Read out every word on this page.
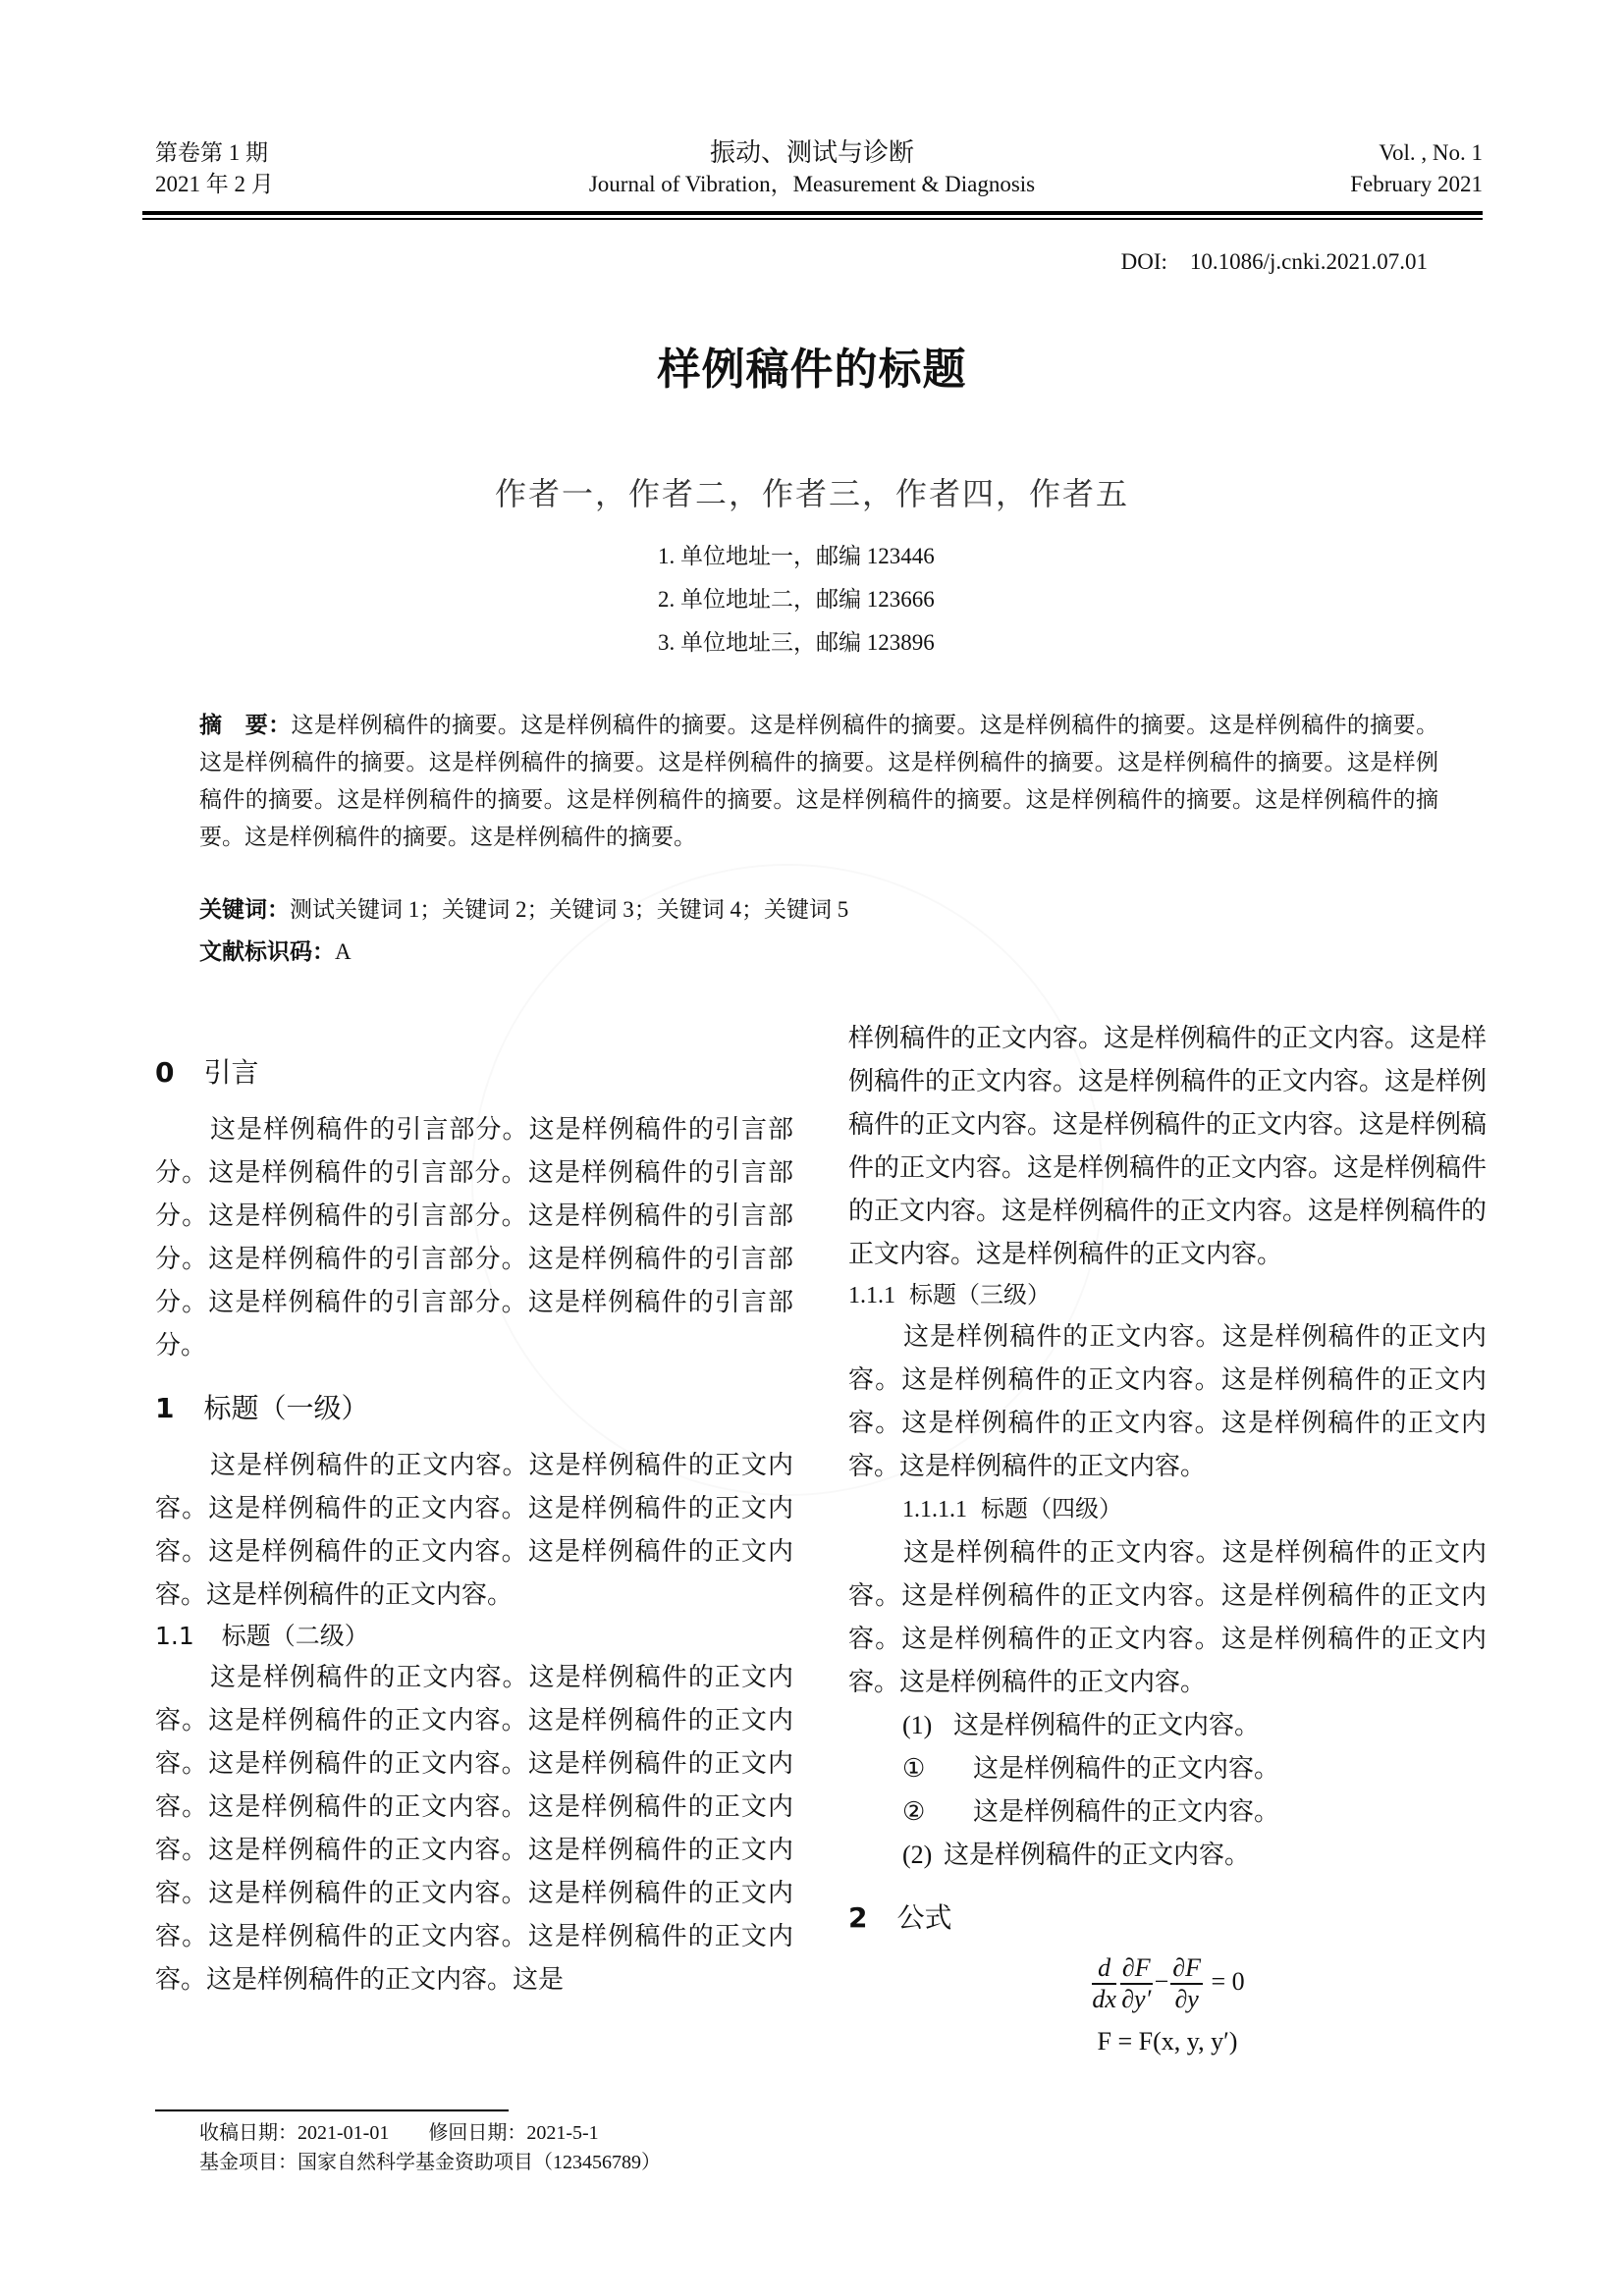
第卷第 1 期
2021 年 2 月
振动、测试与诊断
Journal of Vibration，Measurement & Diagnosis
Vol. , No. 1
February 2021
DOI:　10.1086/j.cnki.2021.07.01
样例稿件的标题
作者一，作者二，作者三，作者四，作者五
1. 单位地址一，邮编 123446
2. 单位地址二，邮编 123666
3. 单位地址三，邮编 123896
摘　要：这是样例稿件的摘要。这是样例稿件的摘要。这是样例稿件的摘要。这是样例稿件的摘要。这是样例稿件的摘要。这是样例稿件的摘要。这是样例稿件的摘要。这是样例稿件的摘要。这是样例稿件的摘要。这是样例稿件的摘要。这是样例稿件的摘要。这是样例稿件的摘要。这是样例稿件的摘要。这是样例稿件的摘要。这是样例稿件的摘要。这是样例稿件的摘要。这是样例稿件的摘要。这是样例稿件的摘要。
关键词：测试关键词 1；关键词 2；关键词 3；关键词 4；关键词 5
文献标识码：A
0 引言

这是样例稿件的引言部分。这是样例稿件的引言部分。这是样例稿件的引言部分。这是样例稿件的引言部分。这是样例稿件的引言部分。这是样例稿件的引言部分。这是样例稿件的引言部分。这是样例稿件的引言部分。这是样例稿件的引言部分。这是样例稿件的引言部分。

1 标题（一级）

这是样例稿件的正文内容。这是样例稿件的正文内容。这是样例稿件的正文内容。这是样例稿件的正文内容。这是样例稿件的正文内容。这是样例稿件的正文内容。这是样例稿件的正文内容。

1.1 标题（二级）

这是样例稿件的正文内容。这是样例稿件的正文内容。这是样例稿件的正文内容。这是样例稿件的正文内容。这是样例稿件的正文内容。这是样例稿件的正文内容。这是样例稿件的正文内容。这是样例稿件的正文内容。这是样例稿件的正文内容。这是样例稿件的正文内容。这是样例稿件的正文内容。这是样例稿件的正文内容。这是样例稿件的正文内容。这是样例稿件的正文内容。这是样例稿件的正文内容。这是

样例稿件的正文内容。这是样例稿件的正文内容。这是样例稿件的正文内容。这是样例稿件的正文内容。这是样例稿件的正文内容。这是样例稿件的正文内容。这是样例稿件的正文内容。这是样例稿件的正文内容。这是样例稿件的正文内容。这是样例稿件的正文内容。这是样例稿件的正文内容。这是样例稿件的正文内容。

1.1.1 标题（三级）

这是样例稿件的正文内容。这是样例稿件的正文内容。这是样例稿件的正文内容。这是样例稿件的正文内容。这是样例稿件的正文内容。这是样例稿件的正文内容。这是样例稿件的正文内容。

1.1.1.1 标题（四级）

这是样例稿件的正文内容。这是样例稿件的正文内容。这是样例稿件的正文内容。这是样例稿件的正文内容。这是样例稿件的正文内容。这是样例稿件的正文内容。这是样例稿件的正文内容。

(1) 这是样例稿件的正文内容。
① 这是样例稿件的正文内容。
② 这是样例稿件的正文内容。
(2) 这是样例稿件的正文内容。
2 公式
$\frac{d}{dx} \frac{\partial F}{\partial y'} - \frac{\partial F}{\partial y} = 0$
F = F(x, y, y′)
收稿日期：2021-01-01 修回日期：2021-5-1
基金项目：国家自然科学基金资助项目（123456789）
